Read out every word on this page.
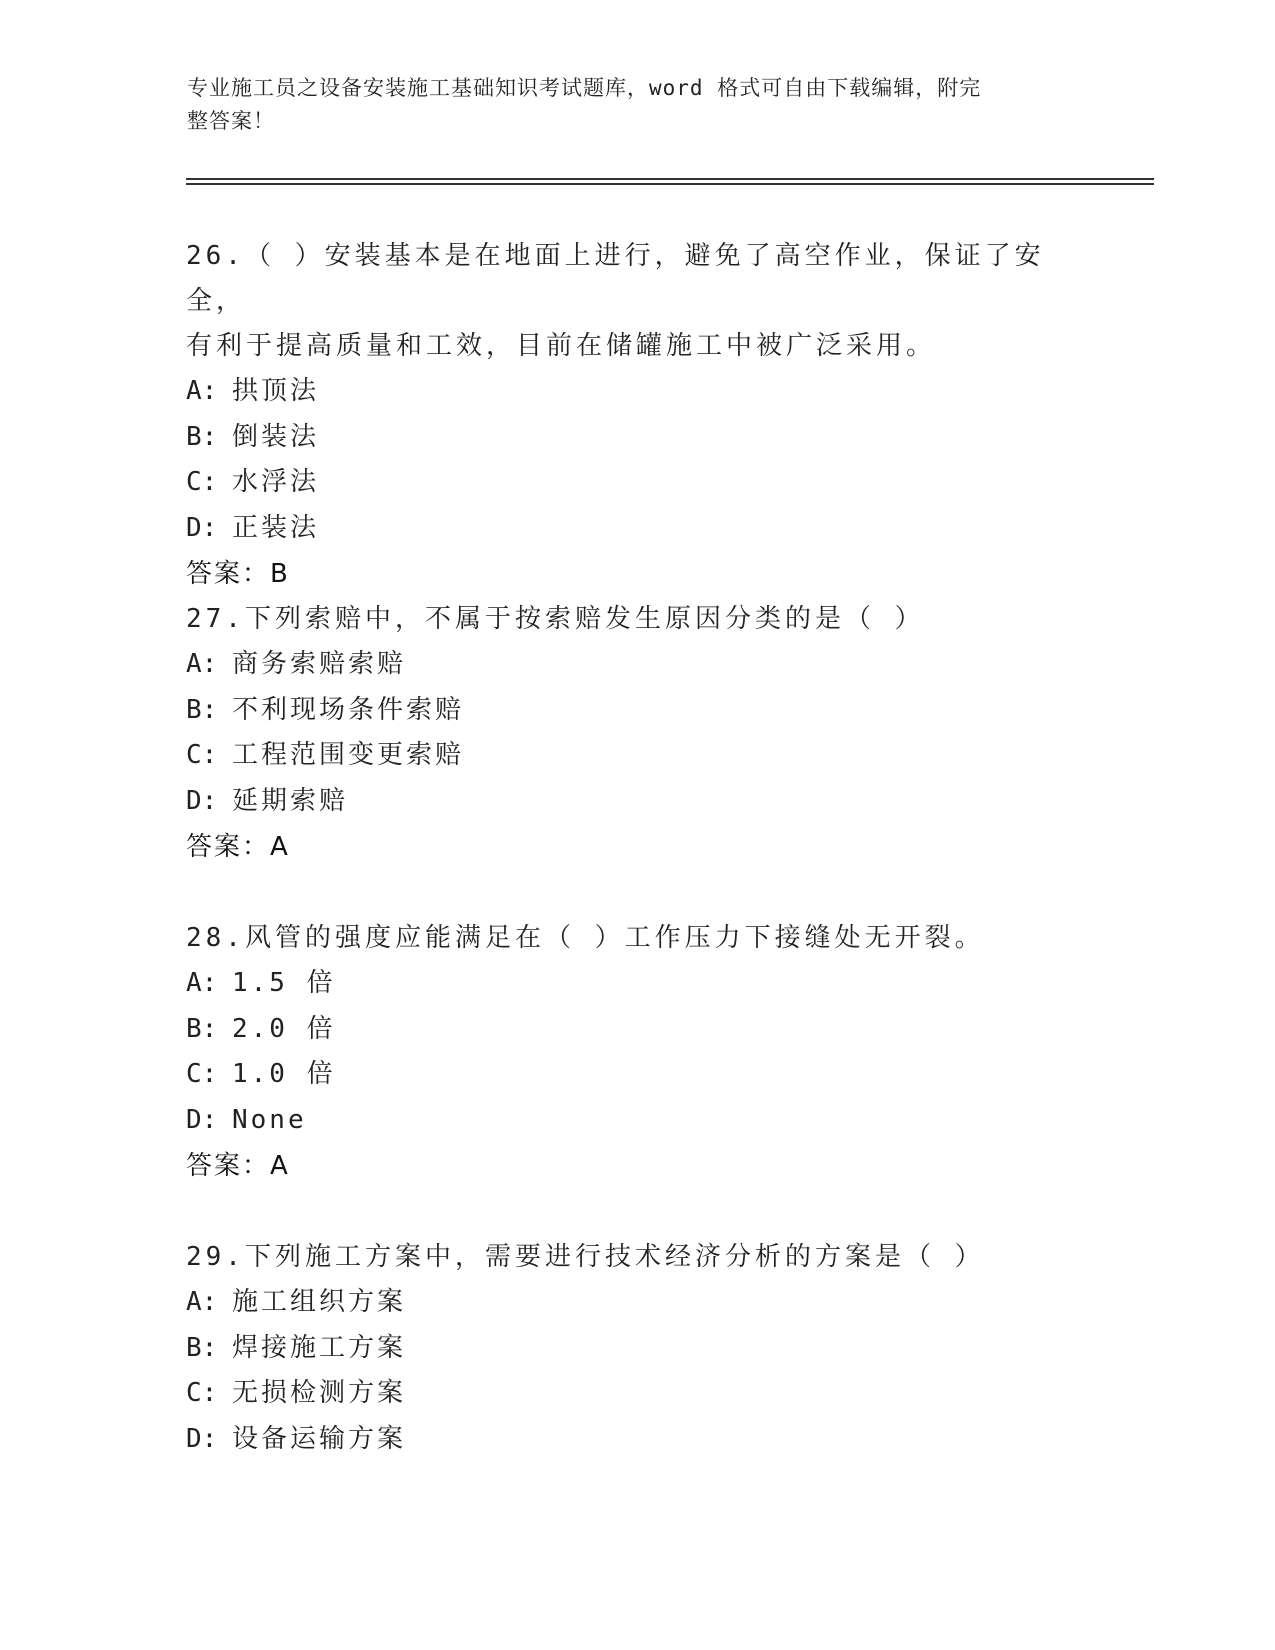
专业施工员之设备安装施工基础知识考试题库，word 格式可自由下载编辑，附完
整答案！

26.（ ）安装基本是在地面上进行，避免了高空作业，保证了安全，

有利于提高质量和工效，目前在储罐施工中被广泛采用。

A: 拱顶法

B: 倒装法

C: 水浮法

D: 正装法

答案：B

27.下列索赔中，不属于按索赔发生原因分类的是（ ）

A: 商务索赔索赔

B: 不利现场条件索赔

C: 工程范围变更索赔

D: 延期索赔

答案：A

28.风管的强度应能满足在（ ）工作压力下接缝处无开裂。

A: 1.5 倍

B: 2.0 倍

C: 1.0 倍

D: None

答案：A

29.下列施工方案中，需要进行技术经济分析的方案是（ ）

A: 施工组织方案

B: 焊接施工方案

C: 无损检测方案

D: 设备运输方案
